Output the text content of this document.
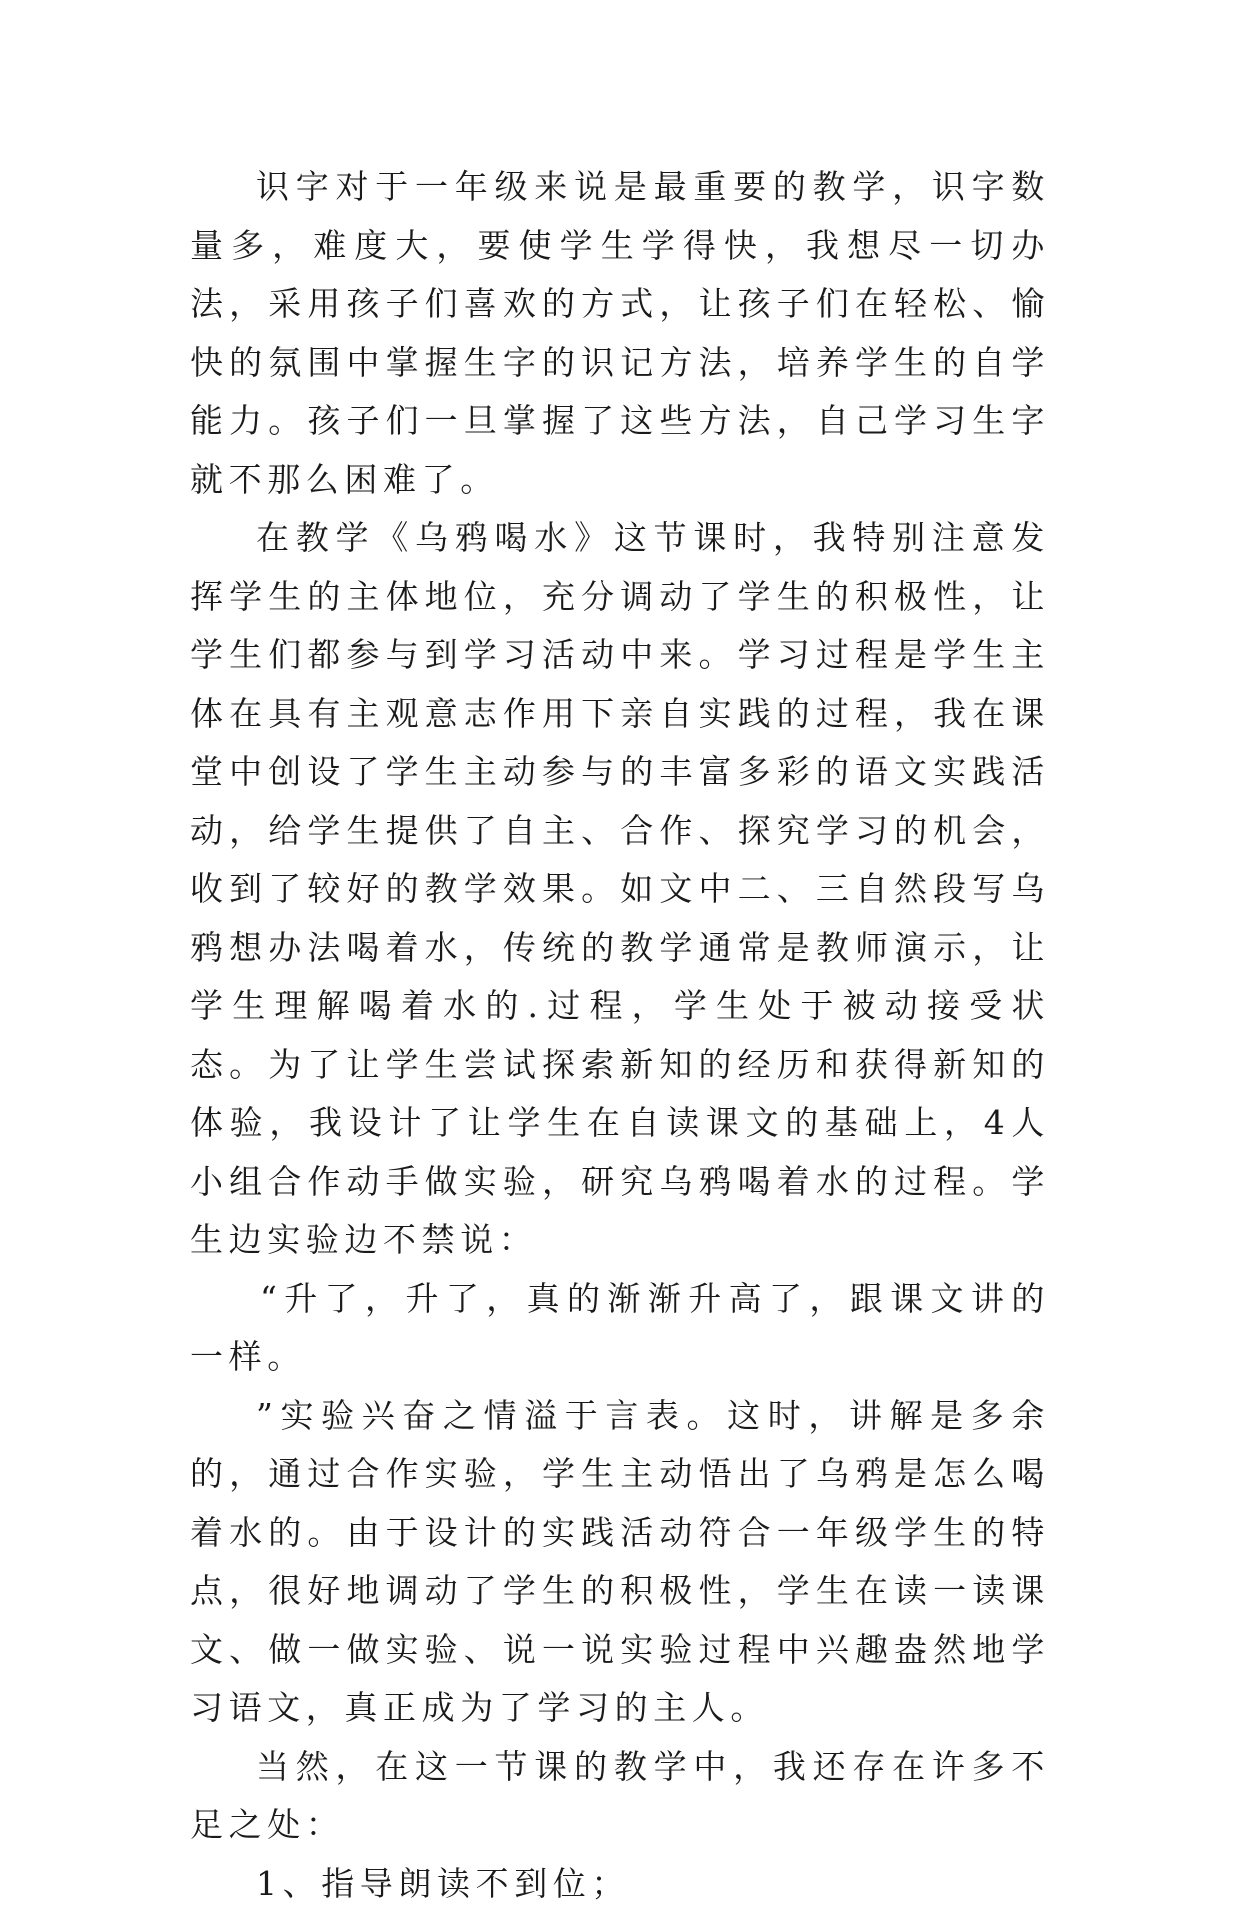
识字对于一年级来说是最重要的教学，识字数量多，难度大，要使学生学得快，我想尽一切办法，采用孩子们喜欢的方式，让孩子们在轻松、愉快的氛围中掌握生字的识记方法，培养学生的自学能力。孩子们一旦掌握了这些方法，自己学习生字就不那么困难了。

在教学《乌鸦喝水》这节课时，我特别注意发挥学生的主体地位，充分调动了学生的积极性，让学生们都参与到学习活动中来。学习过程是学生主体在具有主观意志作用下亲自实践的过程，我在课堂中创设了学生主动参与的丰富多彩的语文实践活动，给学生提供了自主、合作、探究学习的机会，收到了较好的教学效果。如文中二、三自然段写乌鸦想办法喝着水，传统的教学通常是教师演示，让学生理解喝着水的.过程，学生处于被动接受状态。为了让学生尝试探索新知的经历和获得新知的体验，我设计了让学生在自读课文的基础上，4人小组合作动手做实验，研究乌鸦喝着水的过程。学生边实验边不禁说：

“升了，升了，真的渐渐升高了，跟课文讲的一样。

”实验兴奋之情溢于言表。这时，讲解是多余的，通过合作实验，学生主动悟出了乌鸦是怎么喝着水的。由于设计的实践活动符合一年级学生的特点，很好地调动了学生的积极性，学生在读一读课文、做一做实验、说一说实验过程中兴趣盎然地学习语文，真正成为了学习的主人。

当然，在这一节课的教学中，我还存在许多不足之处：

1、指导朗读不到位；
